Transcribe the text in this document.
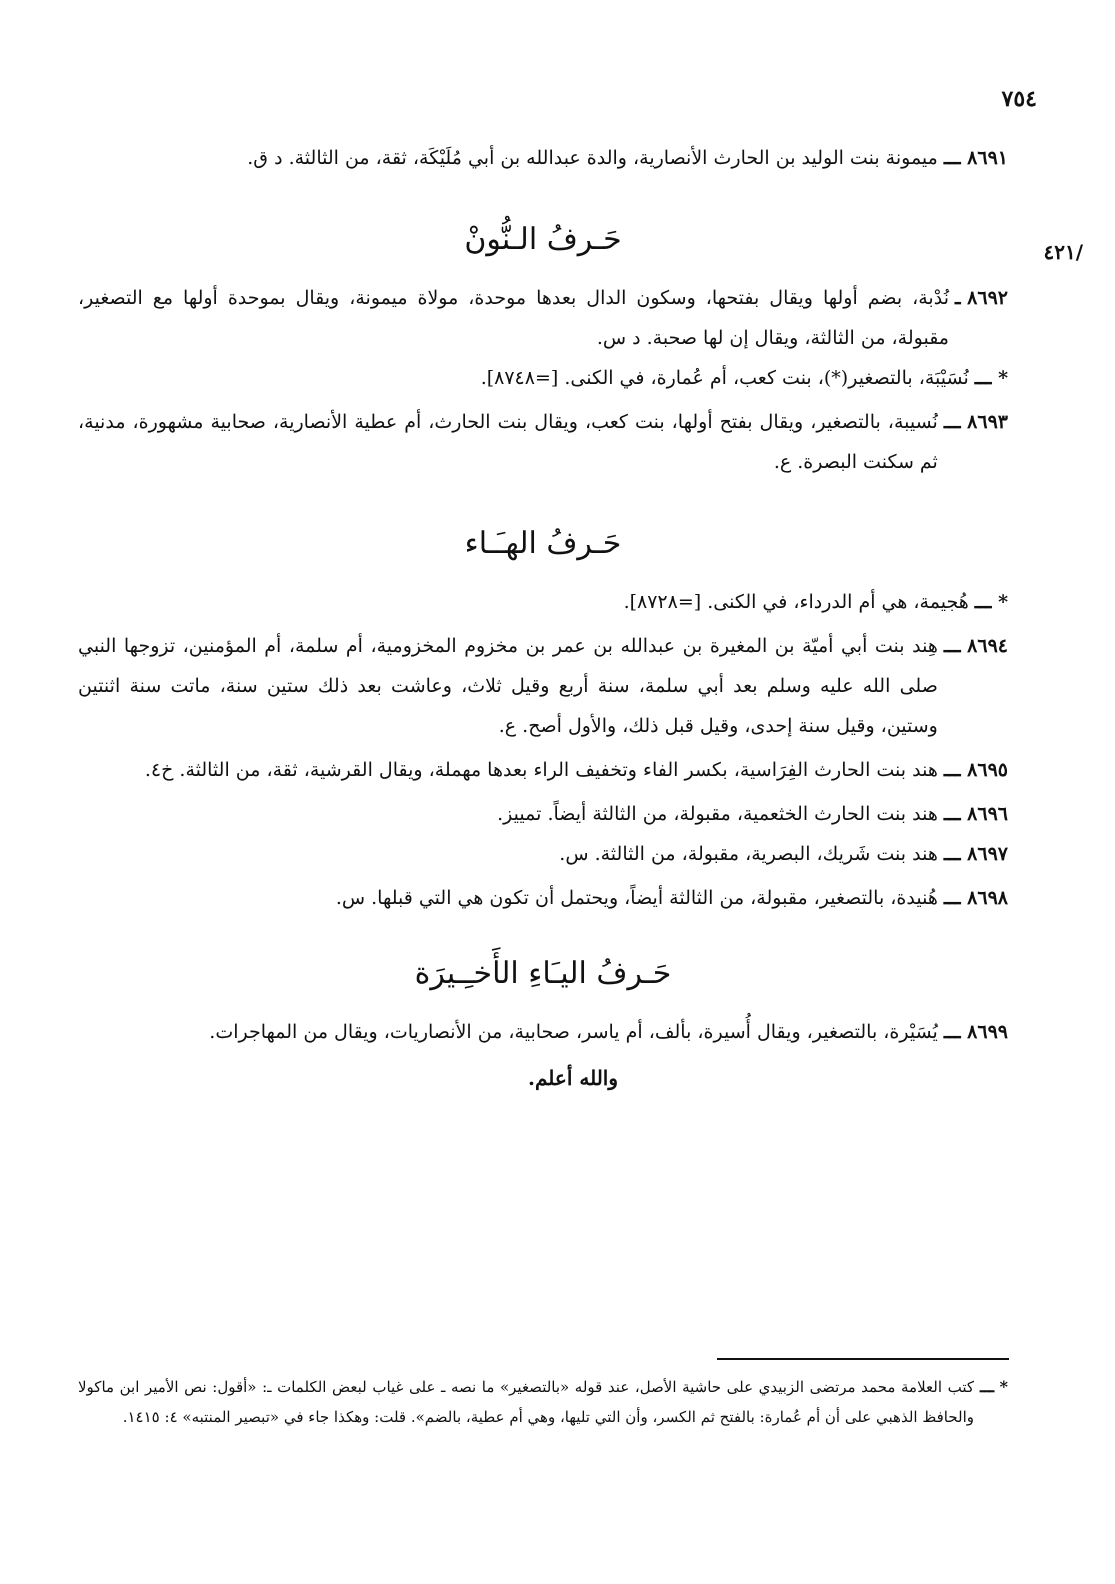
٧٥٤
/٤٢١
٨٦٩١ ـــ
ميمونة بنت الوليد بن الحارث الأنصارية، والدة عبدالله بن أبي مُلَيْكَة، ثقة، من الثالثة. د ق.
حَـرفُ الـنُّونْ
٨٦٩٢ ـ
نُدْبة، بضم أولها ويقال بفتحها، وسكون الدال بعدها موحدة، مولاة ميمونة، ويقال بموحدة أولها مع التصغير، مقبولة، من الثالثة، ويقال إن لها صحبة. د س.
* ـــ
نُسَيْبَة، بالتصغير(*)، بنت كعب، أم عُمارة، في الكنى. [=٨٧٤٨].
٨٦٩٣ ـــ
نُسيبة، بالتصغير، ويقال بفتح أولها، بنت كعب، ويقال بنت الحارث، أم عطية الأنصارية، صحابية مشهورة، مدنية، ثم سكنت البصرة. ع.
حَـرفُ الهـَـاء
* ـــ
هُجيمة، هي أم الدرداء، في الكنى. [=٨٧٢٨].
٨٦٩٤ ـــ
هِند بنت أبي أميّة بن المغيرة بن عبدالله بن عمر بن مخزوم المخزومية، أم سلمة، أم المؤمنين، تزوجها النبي صلى الله عليه وسلم بعد أبي سلمة، سنة أربع وقيل ثلاث، وعاشت بعد ذلك ستين سنة، ماتت سنة اثنتين وستين، وقيل سنة إحدى، وقيل قبل ذلك، والأول أصح. ع.
٨٦٩٥ ـــ
هند بنت الحارث الفِرَاسية، بكسر الفاء وتخفيف الراء بعدها مهملة، ويقال القرشية، ثقة، من الثالثة. خ٤.
٨٦٩٦ ـــ
هند بنت الحارث الخثعمية، مقبولة، من الثالثة أيضاً. تمييز.
٨٦٩٧ ـــ
هند بنت شَريك، البصرية، مقبولة، من الثالثة. س.
٨٦٩٨ ـــ
هُنيدة، بالتصغير، مقبولة، من الثالثة أيضاً، ويحتمل أن تكون هي التي قبلها. س.
حَـرفُ اليـَاءِ الأَخـِـيرَة
٨٦٩٩ ـــ
يُسَيْرة، بالتصغير، ويقال أُسيرة، بألف، أم ياسر، صحابية، من الأنصاريات، ويقال من المهاجرات.
والله أعلم.
* ـــ
كتب العلامة محمد مرتضى الزبيدي على حاشية الأصل، عند قوله «بالتصغير» ما نصه ـ على غياب لبعض الكلمات ـ: «أقول: نص الأمير ابن ماكولا والحافظ الذهبي على أن أم عُمارة: بالفتح ثم الكسر، وأن التي تليها، وهي أم عطية، بالضم». قلت: وهكذا جاء في «تبصير المنتبه» ٤: ١٤١٥.
